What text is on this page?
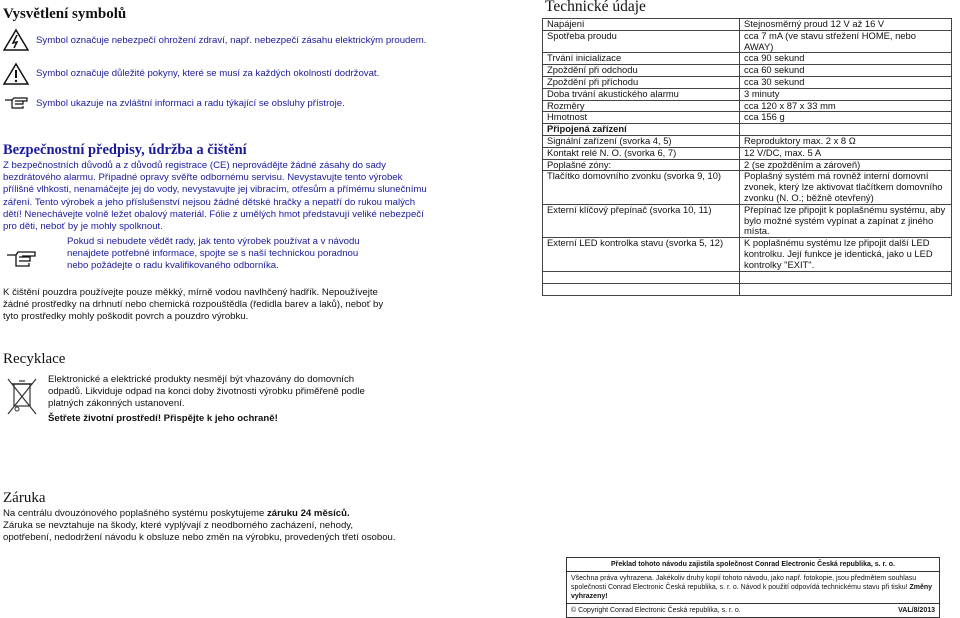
Vysvětlení symbolů
Symbol označuje nebezpečí ohrožení zdraví, např. nebezpečí zásahu elektrickým proudem.
Symbol označuje důležité pokyny, které se musí za každých okolností dodržovat.
Symbol ukazuje na zvláštní informaci a radu týkající se obsluhy přístroje.
Bezpečnostní předpisy, údržba a čištění
Z bezpečnostních důvodů a z důvodů registrace (CE) neprovádějte žádné zásahy do sady bezdrátového alarmu. Případné opravy svěřte odbornému servisu. Nevystavujte tento výrobek přílišné vlhkosti, nenamáčejte jej do vody, nevystavujte jej vibracím, otřesům a přímému slunečnímu záření. Tento výrobek a jeho příslušenství nejsou žádné dětské hračky a nepatří do rukou malých dětí! Nenechávejte volně ležet obalový materiál. Fólie z umělých hmot představují veliké nebezpečí pro děti, neboť by je mohly spolknout.
Pokud si nebudete vědět rady, jak tento výrobek používat a v návodu nenajdete potřebné informace, spojte se s naší technickou poradnou nebo požádejte o radu kvalifikovaného odborníka.
K čištění pouzdra používejte pouze měkký, mírně vodou navlhčený hadřík. Nepoužívejte žádné prostředky na drhnutí nebo chemická rozpouštědla (ředidla barev a laků), neboť by tyto prostředky mohly poškodit povrch a pouzdro výrobku.
Recyklace
Elektronické a elektrické produkty nesmějí být vhazovány do domovních odpadů. Likviduje odpad na konci doby životnosti výrobku přiměřeně podle platných zákonných ustanovení.
Šetřete životní prostředí! Přispějte k jeho ochraně!
Záruka
Na centrálu dvouzónového poplašného systému poskytujeme záruku 24 měsíců.
Záruka se nevztahuje na škody, které vyplývají z neodborného zacházení, nehody, opotřebení, nedodržení návodu k obsluze nebo změn na výrobku, provedených třetí osobou.
Technické údaje
Napájení	Stejnosměrný proud 12 V až 16 V
Spotřeba proudu	cca 7 mA (ve stavu střežení HOME, nebo AWAY)
Trvání inicializace	cca 90 sekund
Zpoždění při odchodu	cca 60 sekund
Zpoždění při příchodu	cca 30 sekund
Doba trvání akustického alarmu	3 minuty
Rozměry	cca 120 x 87 x 33 mm
Hmotnost	cca 156 g
Připojená zařízení	
Signální zařízení (svorka 4, 5)	Reproduktory max. 2 x 8 Ω
Kontakt relé N. O. (svorka 6, 7)	12 V/DC, max. 5 A
Poplašné zóny:	2 (se zpožděním a zároveň)
Tlačítko domovního zvonku (svorka 9, 10)	Poplašný systém má rovněž interní domovní zvonek, který lze aktivovat tlačítkem domovního zvonku (N. O.; běžně otevřený)
Externí klíčový přepínač (svorka 10, 11)	Přepínač lze připojit k poplašnému systému, aby bylo možné systém vypínat a zapínat z jiného místa.
Externí LED kontrolka stavu (svorka 5, 12)	K poplašnému systému lze připojit další LED kontrolku. Její funkce je identická, jako u LED kontrolky "EXIT".

Překlad tohoto návodu zajistila společnost Conrad Electronic Česká republika, s. r. o.
Všechna práva vyhrazena. Jakékoliv druhy kopií tohoto návodu, jako např. fotokopie, jsou předmětem souhlasu společnosti Conrad Electronic Česká republika, s. r. o. Návod k použití odpovídá technickému stavu při tisku! Změny vyhrazeny!
© Copyright Conrad Electronic Česká republika, s. r. o.	VAL/8/2013
